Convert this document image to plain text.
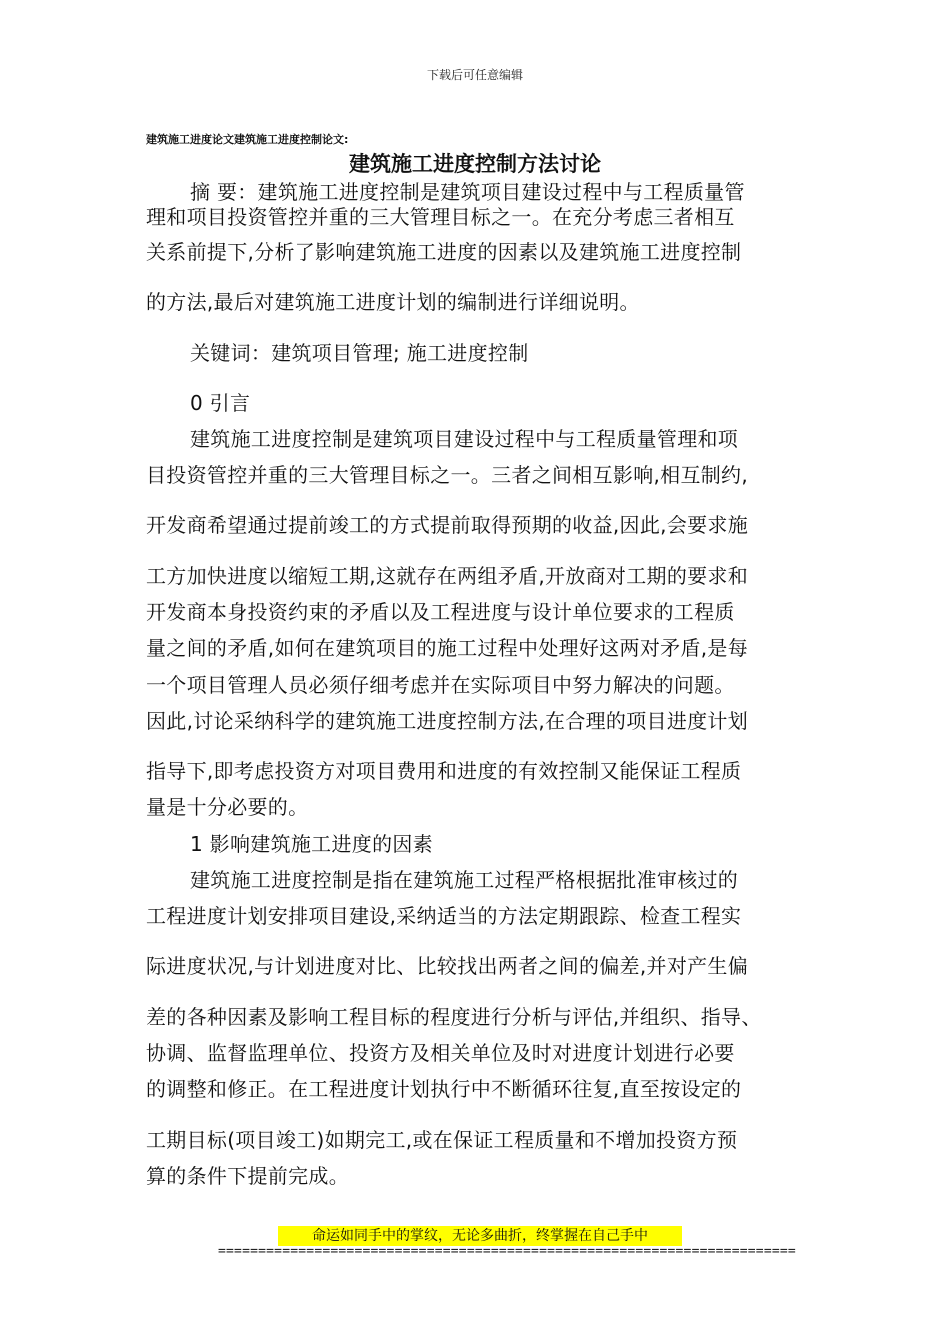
下载后可任意编辑
建筑施工进度论文建筑施工进度控制论文:
建筑施工进度控制方法讨论
摘 要：建筑施工进度控制是建筑项目建设过程中与工程质量管
理和项目投资管控并重的三大管理目标之一。在充分考虑三者相互
关系前提下,分析了影响建筑施工进度的因素以及建筑施工进度控制
的方法,最后对建筑施工进度计划的编制进行详细说明。
关键词：建筑项目管理; 施工进度控制
0 引言
建筑施工进度控制是建筑项目建设过程中与工程质量管理和项
目投资管控并重的三大管理目标之一。三者之间相互影响,相互制约,
开发商希望通过提前竣工的方式提前取得预期的收益,因此,会要求施
工方加快进度以缩短工期,这就存在两组矛盾,开放商对工期的要求和
开发商本身投资约束的矛盾以及工程进度与设计单位要求的工程质
量之间的矛盾,如何在建筑项目的施工过程中处理好这两对矛盾,是每
一个项目管理人员必须仔细考虑并在实际项目中努力解决的问题。
因此,讨论采纳科学的建筑施工进度控制方法,在合理的项目进度计划
指导下,即考虑投资方对项目费用和进度的有效控制又能保证工程质
量是十分必要的。
1 影响建筑施工进度的因素
建筑施工进度控制是指在建筑施工过程严格根据批准审核过的
工程进度计划安排项目建设,采纳适当的方法定期跟踪、检查工程实
际进度状况,与计划进度对比、比较找出两者之间的偏差,并对产生偏
差的各种因素及影响工程目标的程度进行分析与评估,并组织、指导、
协调、监督监理单位、投资方及相关单位及时对进度计划进行必要
的调整和修正。在工程进度计划执行中不断循环往复,直至按设定的
工期目标(项目竣工)如期完工,或在保证工程质量和不增加投资方预
算的条件下提前完成。
命运如同手中的掌纹，无论多曲折，终掌握在自己手中
========================================================================
